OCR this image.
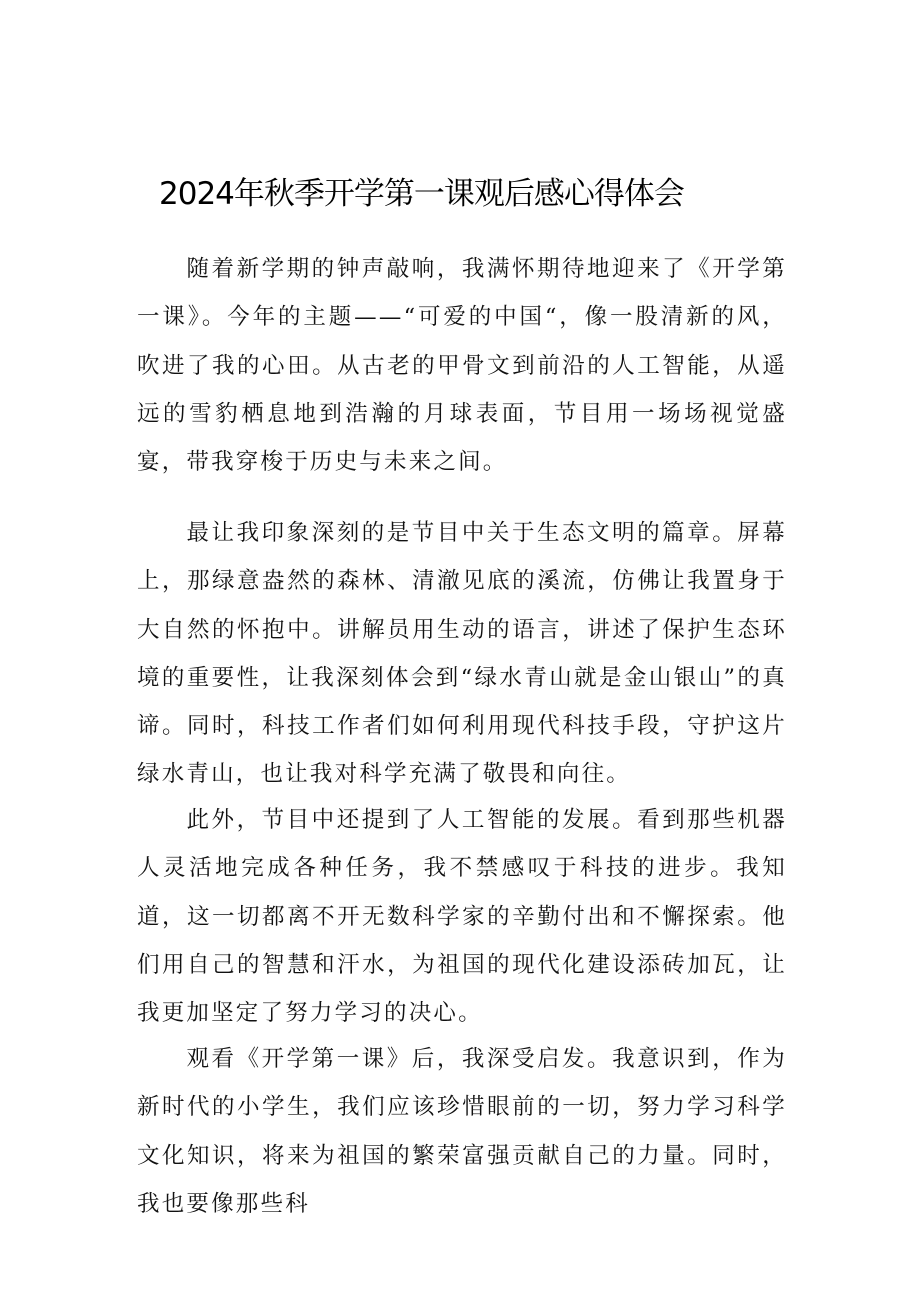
2024年秋季开学第一课观后感心得体会

随着新学期的钟声敲响，我满怀期待地迎来了《开学第一课》。今年的主题——“可爱的中国“，像一股清新的风，吹进了我的心田。从古老的甲骨文到前沿的人工智能，从遥远的雪豹栖息地到浩瀚的月球表面，节目用一场场视觉盛宴，带我穿梭于历史与未来之间。

最让我印象深刻的是节目中关于生态文明的篇章。屏幕上，那绿意盎然的森林、清澈见底的溪流，仿佛让我置身于大自然的怀抱中。讲解员用生动的语言，讲述了保护生态环境的重要性，让我深刻体会到“绿水青山就是金山银山”的真谛。同时，科技工作者们如何利用现代科技手段，守护这片绿水青山，也让我对科学充满了敬畏和向往。

此外，节目中还提到了人工智能的发展。看到那些机器人灵活地完成各种任务，我不禁感叹于科技的进步。我知道，这一切都离不开无数科学家的辛勤付出和不懈探索。他们用自己的智慧和汗水，为祖国的现代化建设添砖加瓦，让我更加坚定了努力学习的决心。

观看《开学第一课》后，我深受启发。我意识到，作为新时代的小学生，我们应该珍惜眼前的一切，努力学习科学文化知识，将来为祖国的繁荣富强贡献自己的力量。同时，我也要像那些科
